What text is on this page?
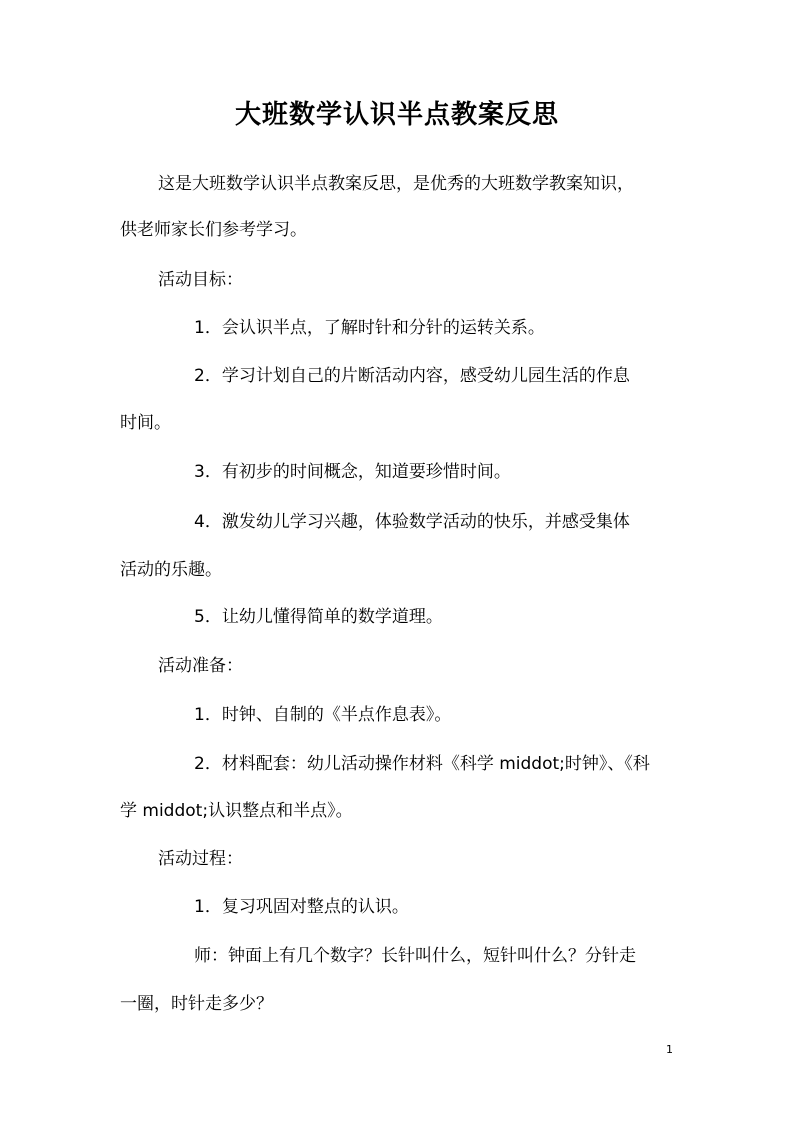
大班数学认识半点教案反思
这是大班数学认识半点教案反思，是优秀的大班数学教案知识，
供老师家长们参考学习。
活动目标：
1．会认识半点，了解时针和分针的运转关系。
2．学习计划自己的片断活动内容，感受幼儿园生活的作息
时间。
3．有初步的时间概念，知道要珍惜时间。
4．激发幼儿学习兴趣，体验数学活动的快乐，并感受集体
活动的乐趣。
5．让幼儿懂得简单的数学道理。
活动准备：
1．时钟、自制的《半点作息表》。
2．材料配套：幼儿活动操作材料《科学 middot;时钟》、《科
学 middot;认识整点和半点》。
活动过程：
1．复习巩固对整点的认识。
师：钟面上有几个数字？长针叫什么，短针叫什么？分针走
一圈，时针走多少？
1
